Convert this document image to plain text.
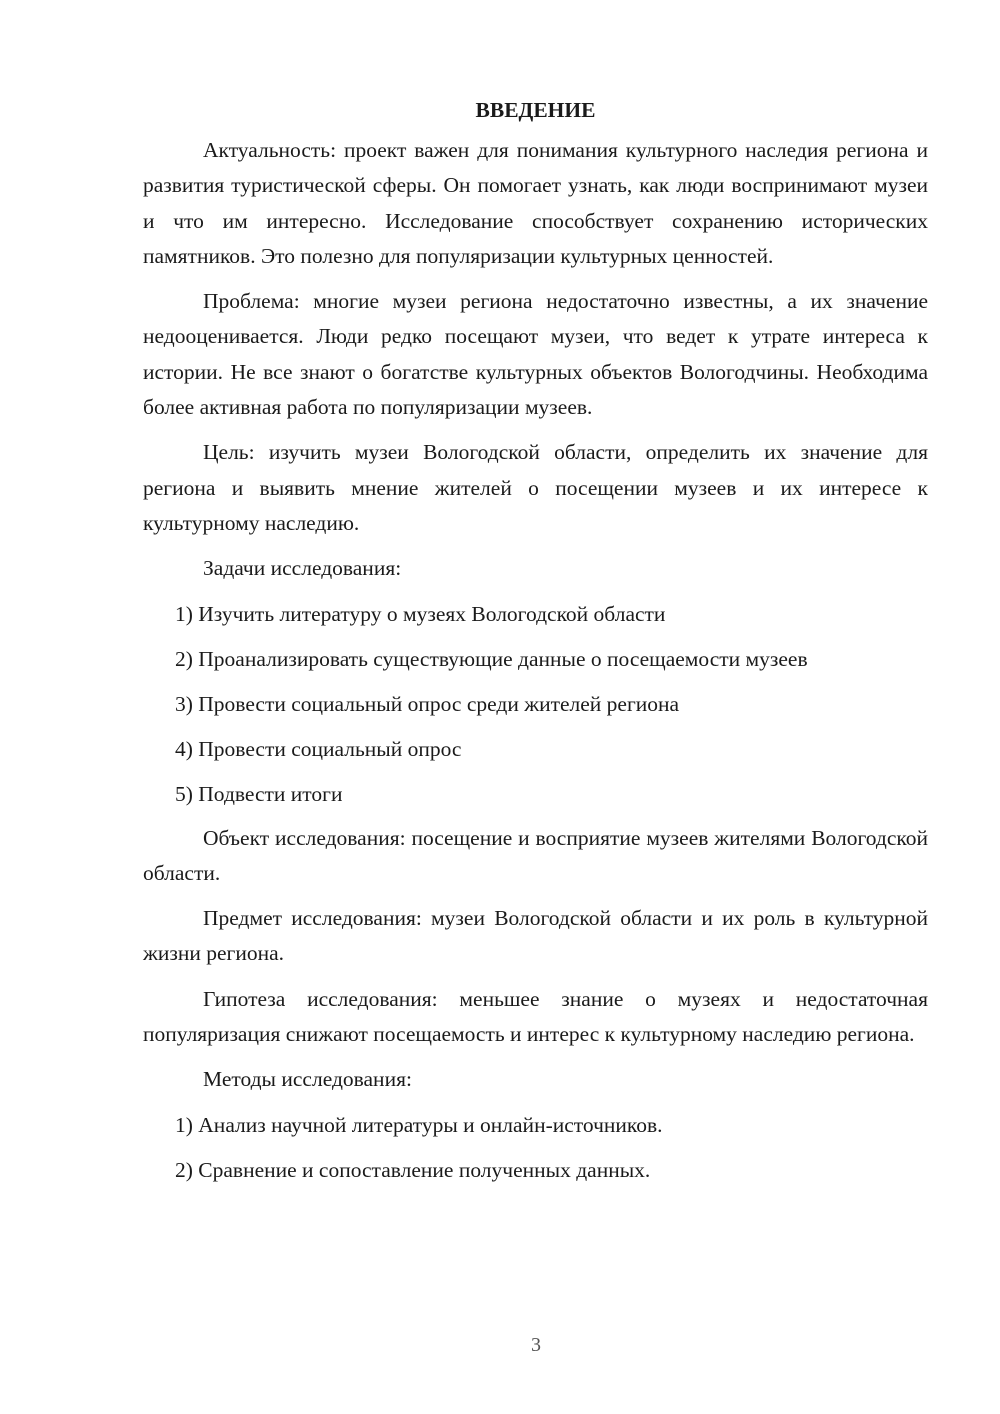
ВВЕДЕНИЕ

Актуальность: проект важен для понимания культурного наследия региона и развития туристической сферы. Он помогает узнать, как люди воспринимают музеи и что им интересно. Исследование способствует сохранению исторических памятников. Это полезно для популяризации культурных ценностей.

Проблема: многие музеи региона недостаточно известны, а их значение недооценивается. Люди редко посещают музеи, что ведет к утрате интереса к истории. Не все знают о богатстве культурных объектов Вологодчины. Необходима более активная работа по популяризации музеев.

Цель: изучить музеи Вологодской области, определить их значение для региона и выявить мнение жителей о посещении музеев и их интересе к культурному наследию.

Задачи исследования:

1) Изучить литературу о музеях Вологодской области
2) Проанализировать существующие данные о посещаемости музеев
3) Провести социальный опрос среди жителей региона
4) Провести социальный опрос
5) Подвести итоги

Объект исследования: посещение и восприятие музеев жителями Вологодской области.

Предмет исследования: музеи Вологодской области и их роль в культурной жизни региона.

Гипотеза исследования: меньшее знание о музеях и недостаточная популяризация снижают посещаемость и интерес к культурному наследию региона.

Методы исследования:

1) Анализ научной литературы и онлайн-источников.
2) Сравнение и сопоставление полученных данных.
3
